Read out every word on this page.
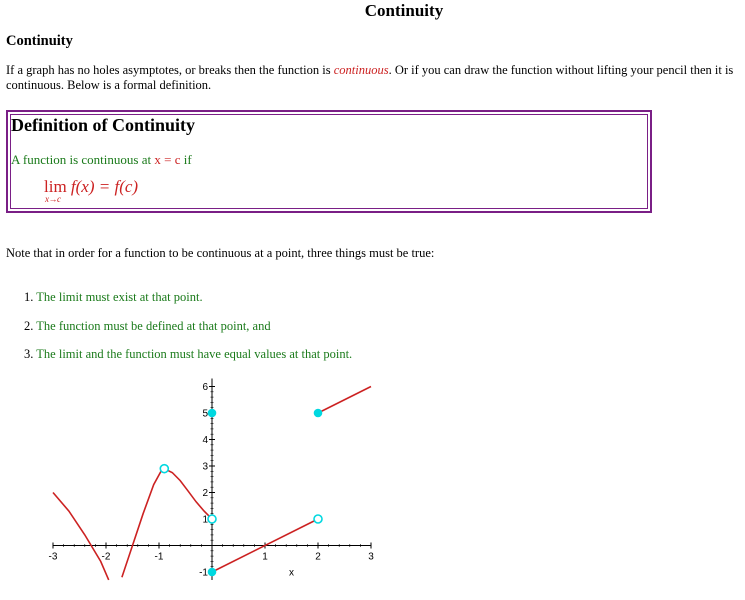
Continuity
Continuity
If a graph has no holes asymptotes, or breaks then the function is continuous. Or if you can draw the function without lifting your pencil then it is continuous. Below is a formal definition.
Definition of Continuity
A function is continuous at x = c if
lim f(x) = f(c)
x→c
Note that in order for a function to be continuous at a point, three things must be true:
1. The limit must exist at that point.
2. The function must be defined at that point, and
3. The limit and the function must have equal values at that point.
-3	-2	-1	1	2	3
-1
1
2
3
4
5
6
x
